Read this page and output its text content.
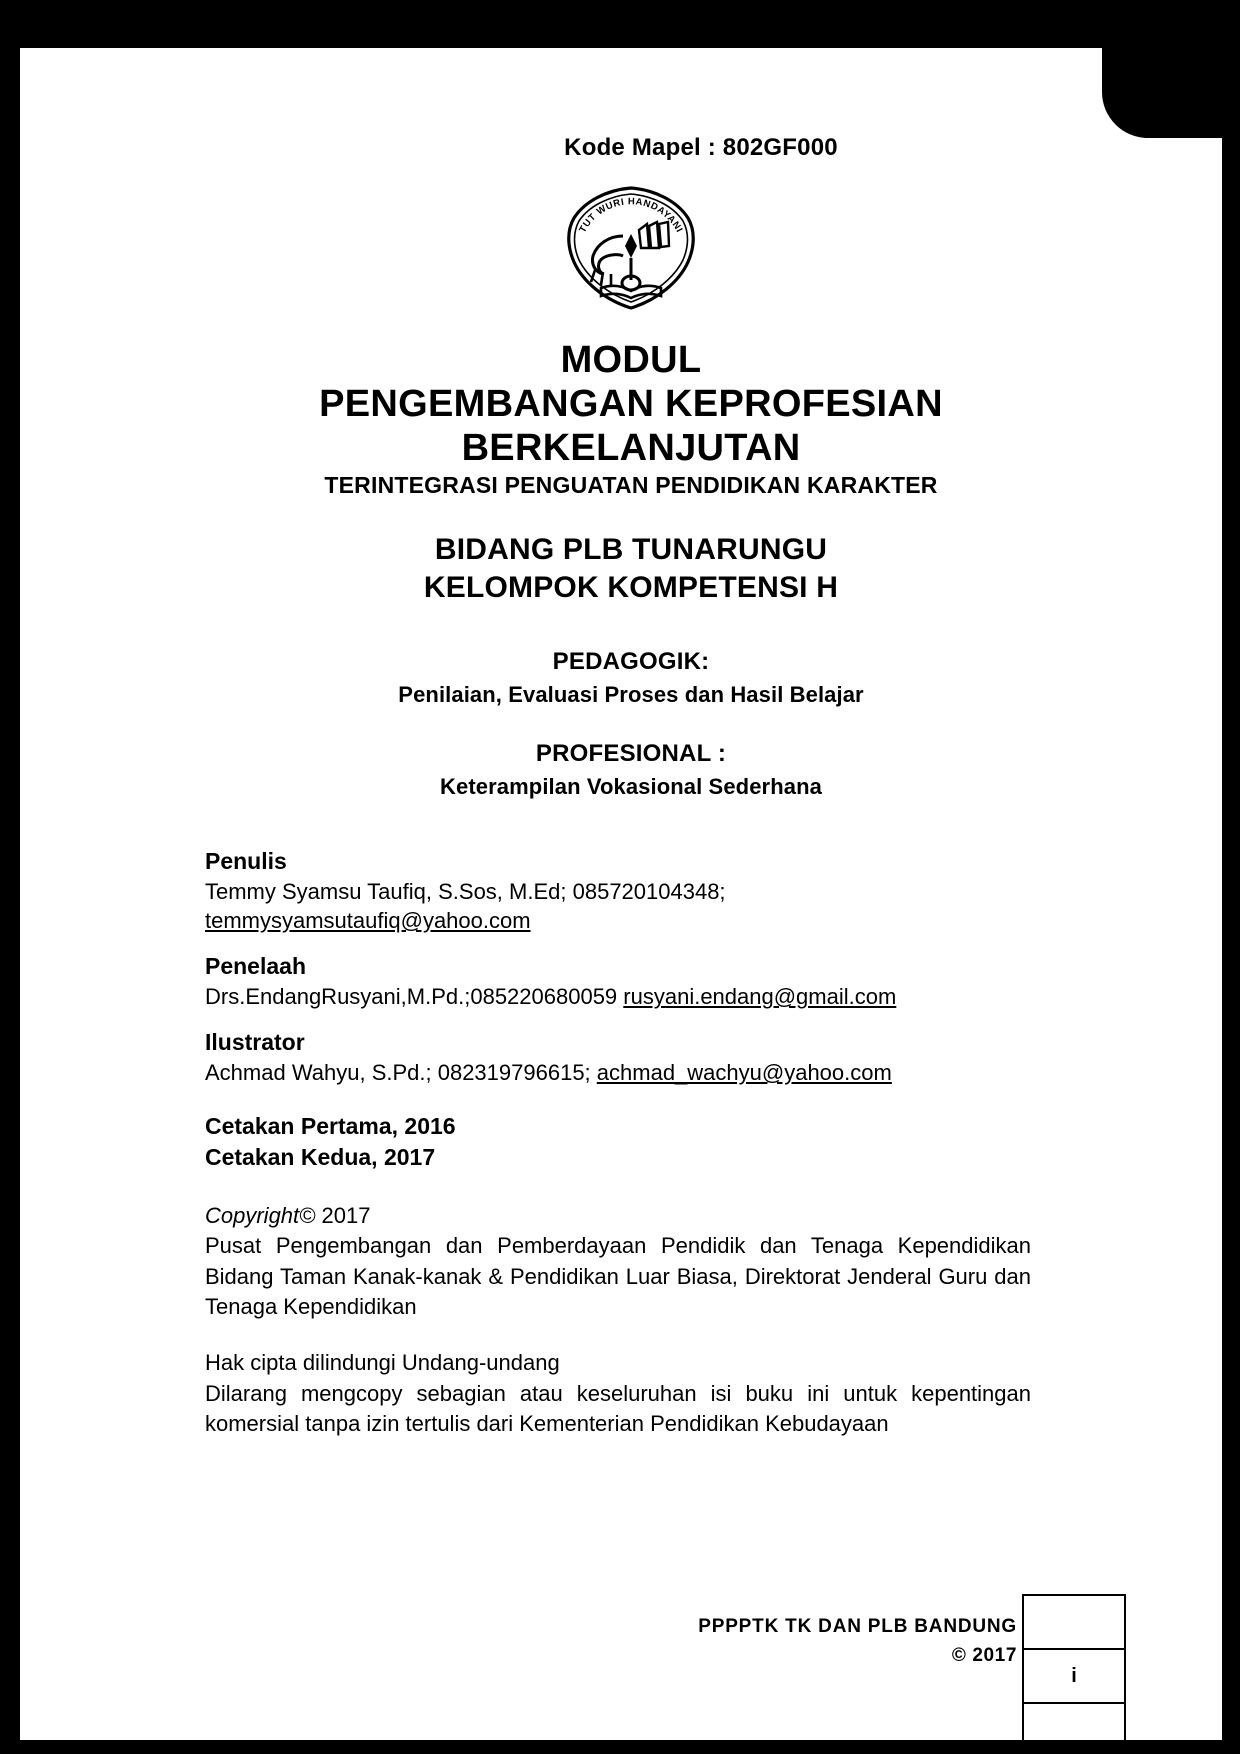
Kode Mapel : 802GF000
TUT WURI HANDAYANI
MODUL
PENGEMBANGAN KEPROFESIAN
BERKELANJUTAN
TERINTEGRASI PENGUATAN PENDIDIKAN KARAKTER
BIDANG PLB TUNARUNGU
KELOMPOK KOMPETENSI H
PEDAGOGIK:
Penilaian, Evaluasi Proses dan Hasil Belajar
PROFESIONAL :
Keterampilan Vokasional Sederhana
Penulis
Temmy Syamsu Taufiq, S.Sos, M.Ed; 085720104348;
temmysyamsutaufiq@yahoo.com
Penelaah
Drs.EndangRusyani,M.Pd.;085220680059 rusyani.endang@gmail.com
Ilustrator
Achmad Wahyu, S.Pd.; 082319796615; achmad_wachyu@yahoo.com
Cetakan Pertama, 2016
Cetakan Kedua, 2017
Copyright© 2017
Pusat Pengembangan dan Pemberdayaan Pendidik dan Tenaga Kependidikan Bidang Taman Kanak-kanak & Pendidikan Luar Biasa, Direktorat Jenderal Guru dan Tenaga Kependidikan
Hak cipta dilindungi Undang-undang
Dilarang mengcopy sebagian atau keseluruhan isi buku ini untuk kepentingan komersial tanpa izin tertulis dari Kementerian Pendidikan Kebudayaan
PPPPTK TK DAN PLB BANDUNG
© 2017
i
